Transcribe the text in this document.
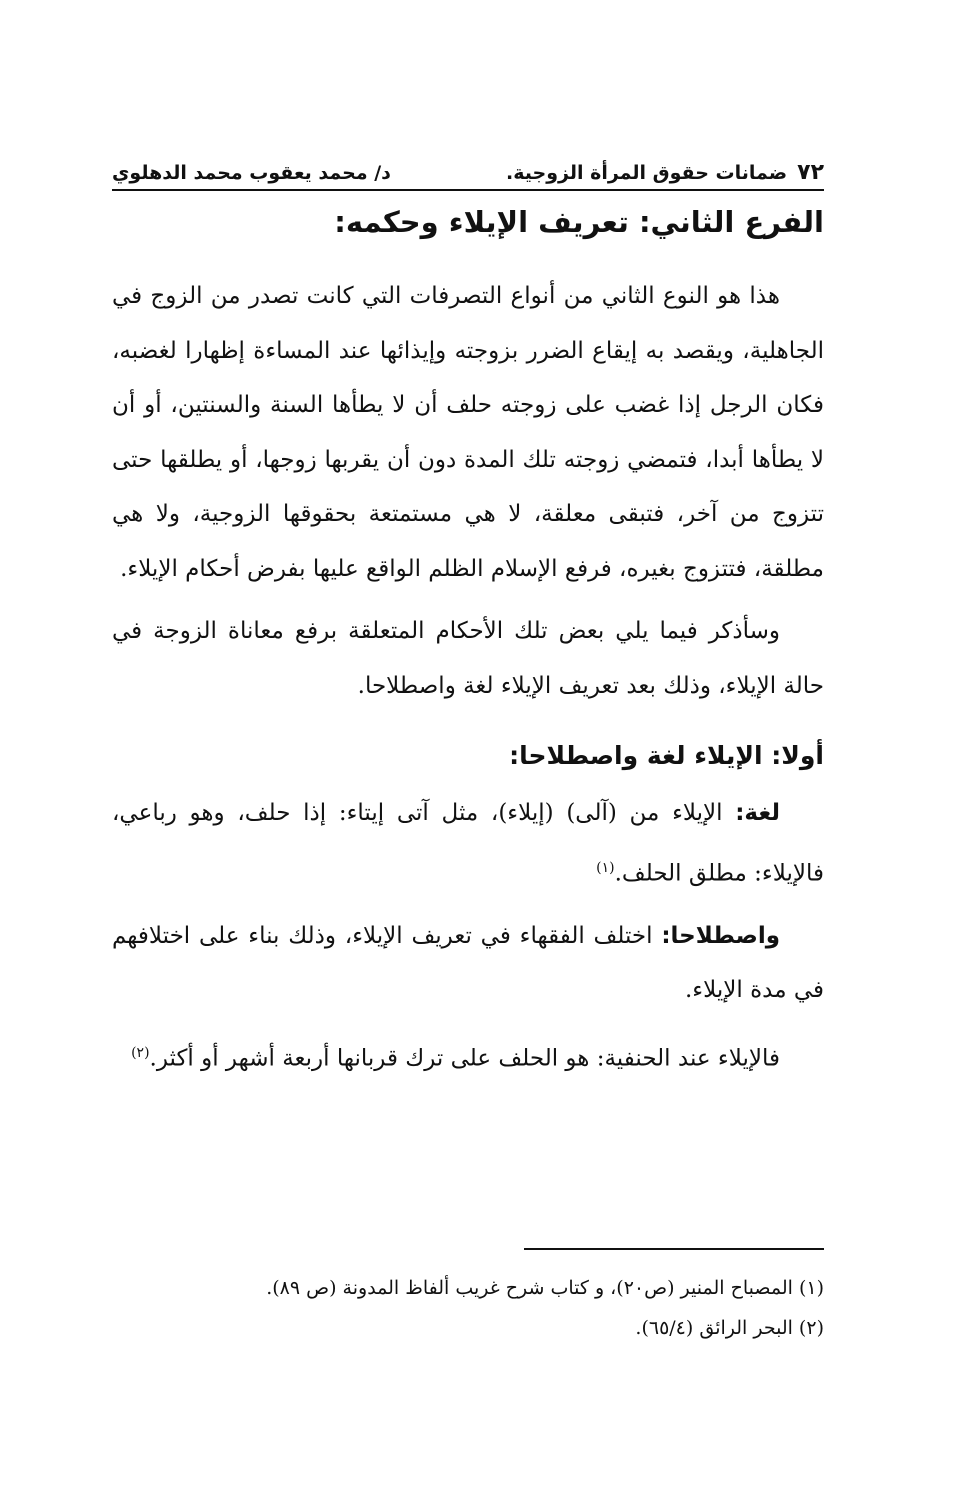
٧٢
ضمانات حقوق المرأة الزوجية.
د/ محمد يعقوب محمد الدهلوي
الفرع الثاني: تعريف الإيلاء وحكمه:

هذا هو النوع الثاني من أنواع التصرفات التي كانت تصدر من الزوج في الجاهلية، ويقصد به إيقاع الضرر بزوجته وإيذائها عند المساءة إظهارا لغضبه، فكان الرجل إذا غضب على زوجته حلف أن لا يطأها السنة والسنتين، أو أن لا يطأها أبدا، فتمضي زوجته تلك المدة دون أن يقربها زوجها، أو يطلقها حتى تتزوج من آخر، فتبقى معلقة، لا هي مستمتعة بحقوقها الزوجية، ولا هي مطلقة، فتتزوج بغيره، فرفع الإسلام الظلم الواقع عليها بفرض أحكام الإيلاء.

وسأذكر فيما يلي بعض تلك الأحكام المتعلقة برفع معاناة الزوجة في حالة الإيلاء، وذلك بعد تعريف الإيلاء لغة واصطلاحا.

أولا: الإيلاء لغة واصطلاحا:

لغة: الإيلاء من (آلى) (إيلاء)، مثل آتى إيتاء: إذا حلف، وهو رباعي، فالإيلاء: مطلق الحلف.$^{(١)}$

واصطلاحا: اختلف الفقهاء في تعريف الإيلاء، وذلك بناء على اختلافهم في مدة الإيلاء.

فالإيلاء عند الحنفية: هو الحلف على ترك قربانها أربعة أشهر أو أكثر.$^{(٢)}$

(١) المصباح المنير (ص٢٠)، و كتاب شرح غريب ألفاظ المدونة (ص ٨٩).

(٢) البحر الرائق (٦٥/٤).
